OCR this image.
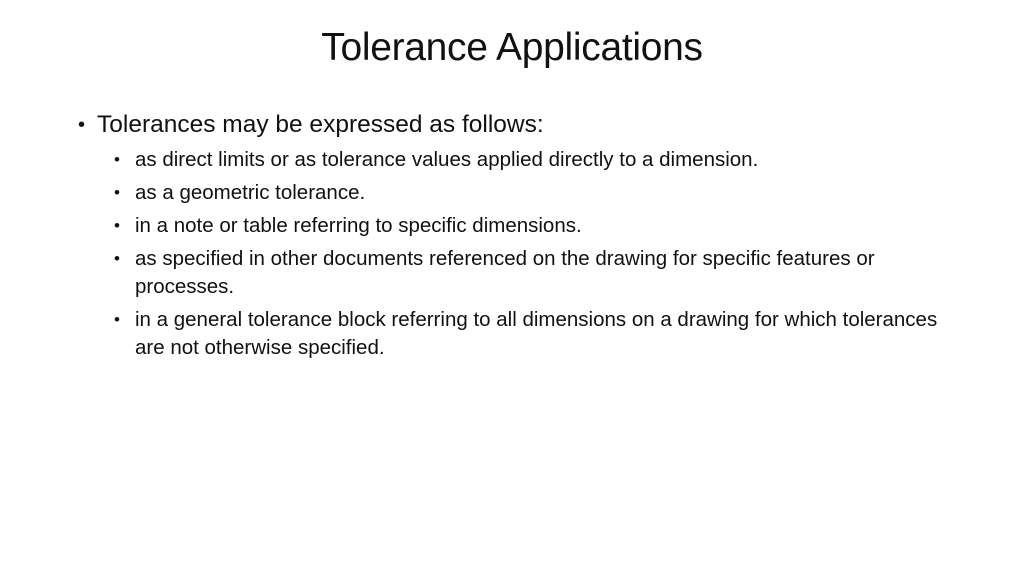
Tolerance Applications
• Tolerances may be expressed as follows:
• as direct limits or as tolerance values applied directly to a dimension.
• as a geometric tolerance.
• in a note or table referring to specific dimensions.
• as specified in other documents referenced on the drawing for specific features or processes.
• in a general tolerance block referring to all dimensions on a drawing for which tolerances are not otherwise specified.
